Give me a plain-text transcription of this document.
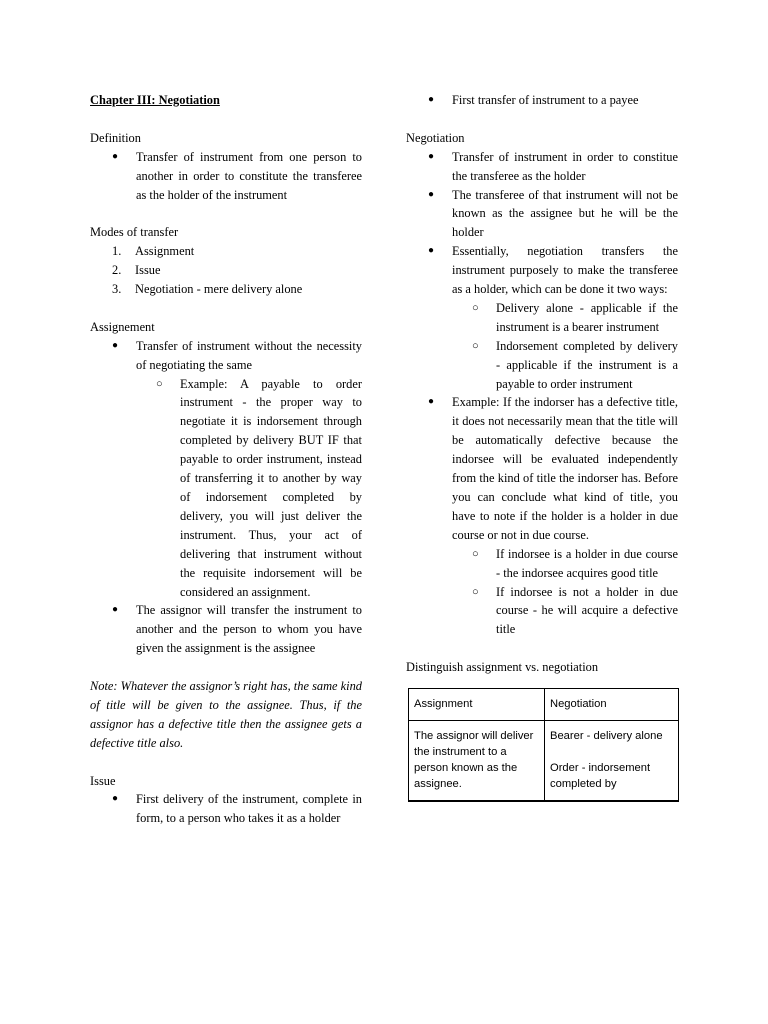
Chapter III: Negotiation

Definition

● Transfer of instrument from one person to another in order to constitute the transferee as the holder of the instrument

Modes of transfer

1. Assignment
2. Issue
3. Negotiation - mere delivery alone

Assignement

● Transfer of instrument without the necessity of negotiating the same
○ Example: A payable to order instrument - the proper way to negotiate it is indorsement through completed by delivery BUT IF that payable to order instrument, instead of transferring it to another by way of indorsement completed by delivery, you will just deliver the instrument. Thus, your act of delivering that instrument without the requisite indorsement will be considered an assignment.
● The assignor will transfer the instrument to another and the person to whom you have given the assignment is the assignee

Note: Whatever the assignor’s right has, the same kind of title will be given to the assignee. Thus, if the assignor has a defective title then the assignee gets a defective title also.

Issue

● First delivery of the instrument, complete in form, to a person who takes it as a holder
● First transfer of instrument to a payee

Negotiation

● Transfer of instrument in order to constitue the transferee as the holder
● The transferee of that instrument will not be known as the assignee but he will be the holder
● Essentially, negotiation transfers the instrument purposely to make the transferee as a holder, which can be done it two ways:
○ Delivery alone - applicable if the instrument is a bearer instrument
○ Indorsement completed by delivery - applicable if the instrument is a payable to order instrument
● Example: If the indorser has a defective title, it does not necessarily mean that the title will be automatically defective because the indorsee will be evaluated independently from the kind of title the indorser has. Before you can conclude what kind of title, you have to note if the holder is a holder in due course or not in due course.
○ If indorsee is a holder in due course - the indorsee acquires good title
○ If indorsee is not a holder in due course - he will acquire a defective title

Distinguish assignment vs. negotiation

Assignment	Negotiation
The assignor will deliver the instrument to a person known as the assignee.	Bearer - delivery alone
Order - indorsement completed by
